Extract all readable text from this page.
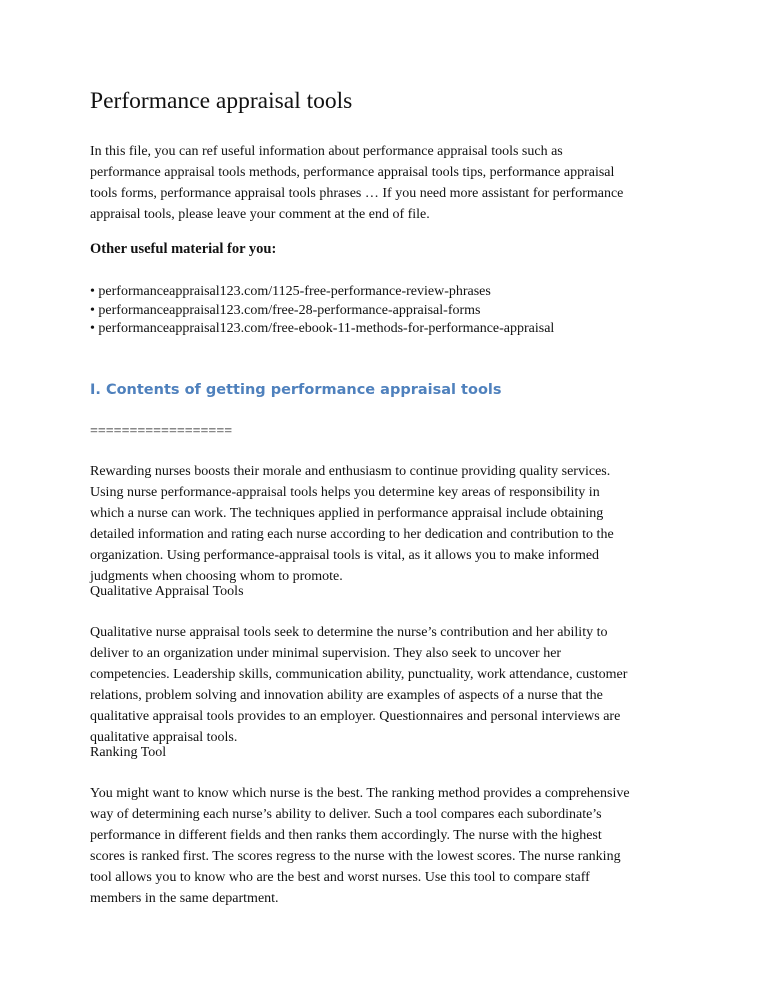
Performance appraisal tools
In this file, you can ref useful information about performance appraisal tools such as
performance appraisal tools methods, performance appraisal tools tips, performance appraisal
tools forms, performance appraisal tools phrases … If you need more assistant for performance
appraisal tools, please leave your comment at the end of file.
Other useful material for you:
• performanceappraisal123.com/1125-free-performance-review-phrases
• performanceappraisal123.com/free-28-performance-appraisal-forms
• performanceappraisal123.com/free-ebook-11-methods-for-performance-appraisal
I. Contents of getting performance appraisal tools
==================
Rewarding nurses boosts their morale and enthusiasm to continue providing quality services.
Using nurse performance-appraisal tools helps you determine key areas of responsibility in
which a nurse can work. The techniques applied in performance appraisal include obtaining
detailed information and rating each nurse according to her dedication and contribution to the
organization. Using performance-appraisal tools is vital, as it allows you to make informed
judgments when choosing whom to promote.
Qualitative Appraisal Tools
Qualitative nurse appraisal tools seek to determine the nurse’s contribution and her ability to
deliver to an organization under minimal supervision. They also seek to uncover her
competencies. Leadership skills, communication ability, punctuality, work attendance, customer
relations, problem solving and innovation ability are examples of aspects of a nurse that the
qualitative appraisal tools provides to an employer. Questionnaires and personal interviews are
qualitative appraisal tools.
Ranking Tool
You might want to know which nurse is the best. The ranking method provides a comprehensive
way of determining each nurse’s ability to deliver. Such a tool compares each subordinate’s
performance in different fields and then ranks them accordingly. The nurse with the highest
scores is ranked first. The scores regress to the nurse with the lowest scores. The nurse ranking
tool allows you to know who are the best and worst nurses. Use this tool to compare staff
members in the same department.
